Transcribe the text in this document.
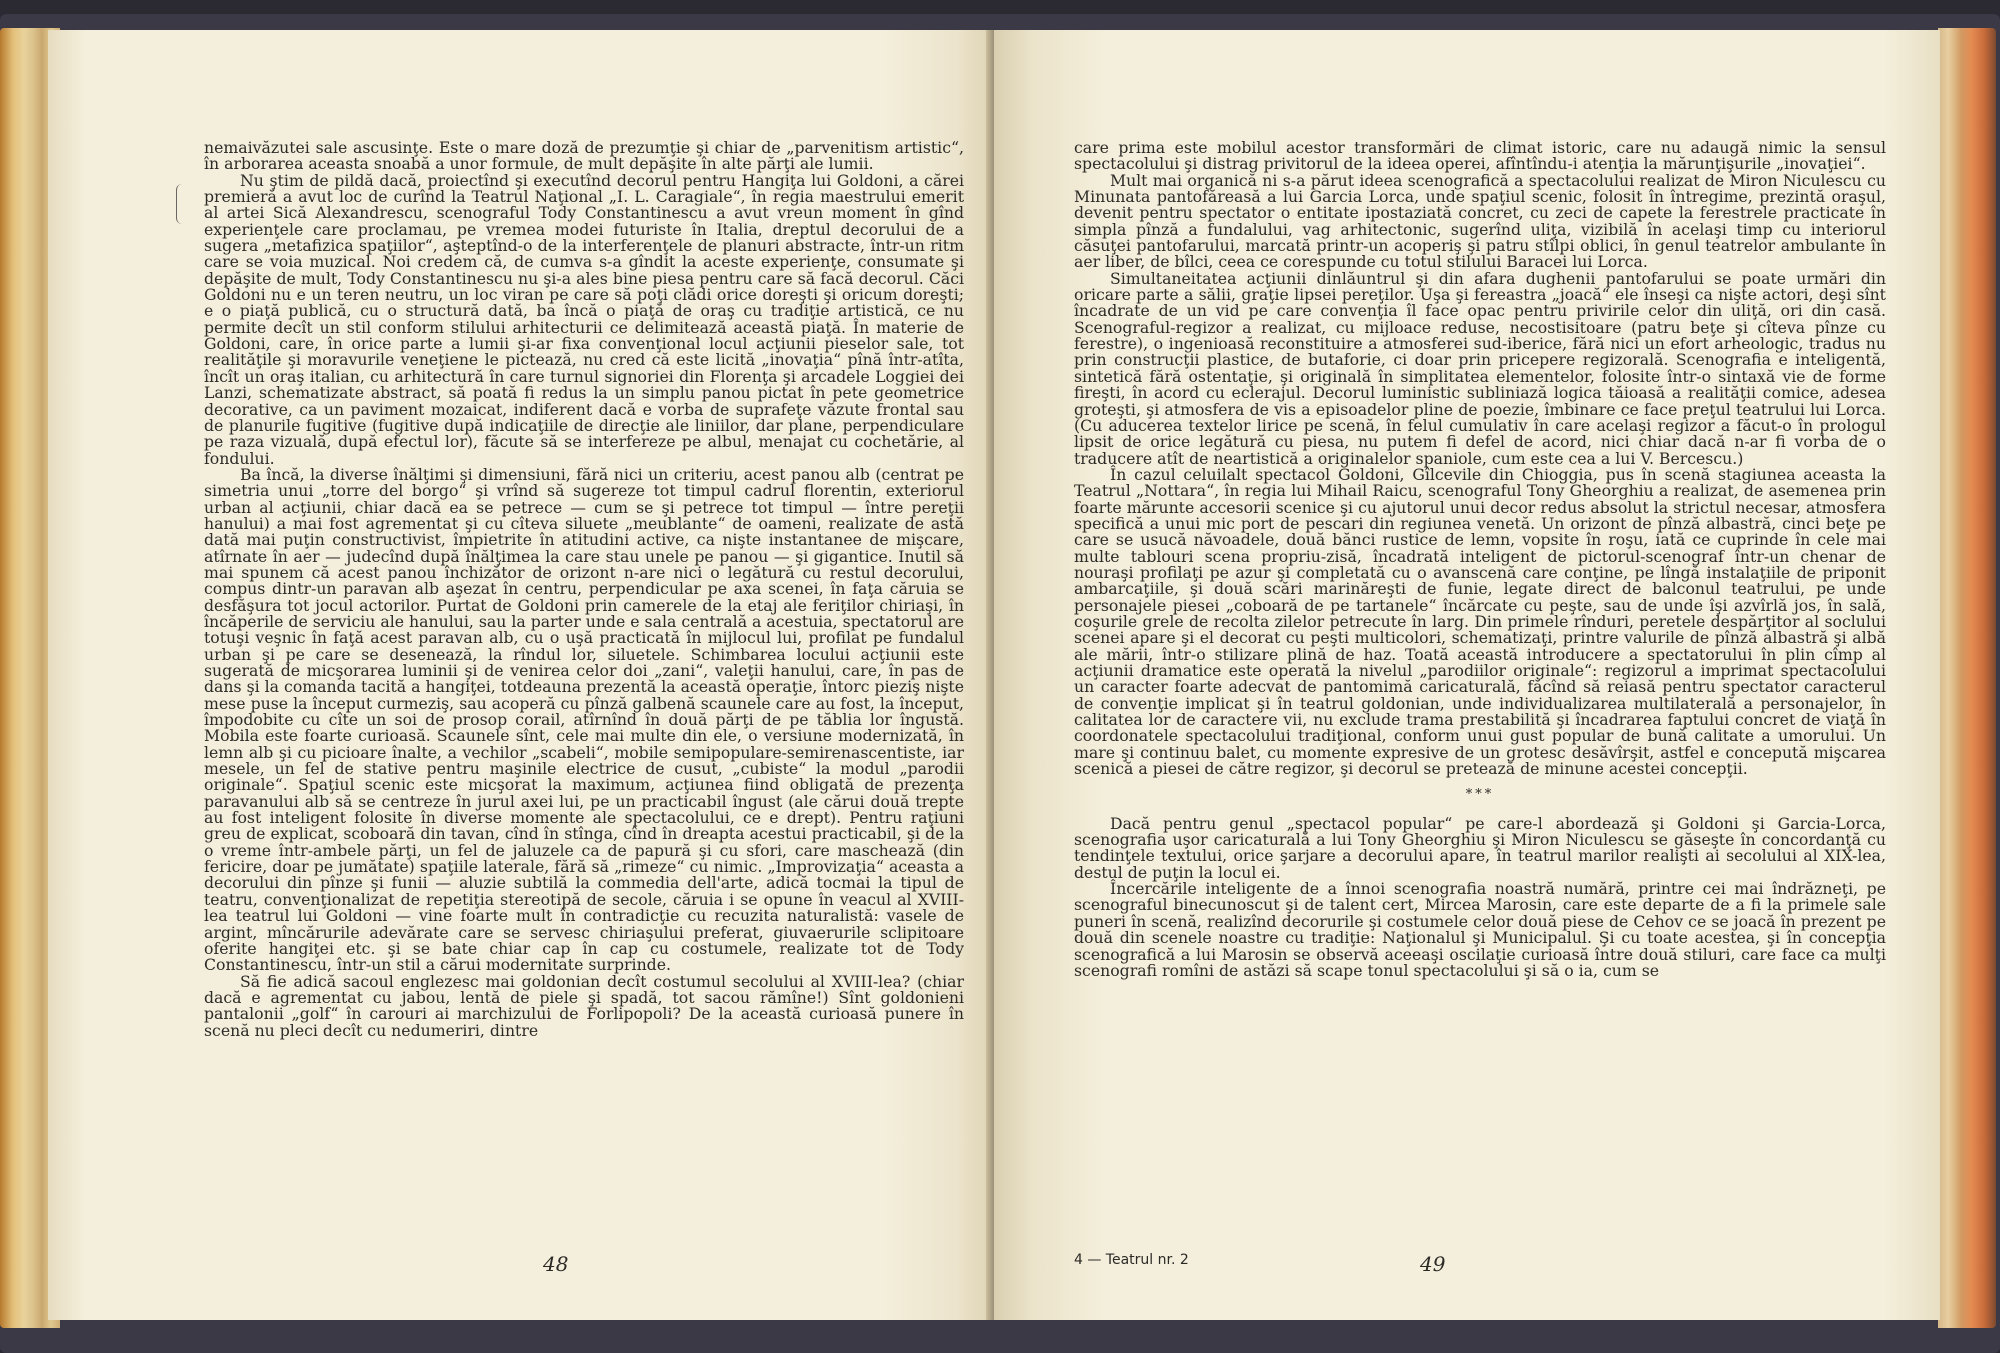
nemaivăzutei sale ascusinţe. Este o mare doză de prezumţie şi chiar de „parvenitism artistic“, în arborarea aceasta snoabă a unor formule, de mult depăşite în alte părţi ale lumii.

Nu ştim de pildă dacă, proiectînd şi executînd decorul pentru Hangiţa lui Goldoni, a cărei premieră a avut loc de curînd la Teatrul Naţional „I. L. Caragiale“, în regia maestrului emerit al artei Sică Alexandrescu, scenograful Tody Constantinescu a avut vreun moment în gînd experienţele care proclamau, pe vremea modei futuriste în Italia, dreptul decorului de a sugera „metafizica spaţiilor“, aşteptînd-o de la interferenţele de planuri abstracte, într-un ritm care se voia muzical. Noi credem că, de cumva s-a gîndit la aceste experienţe, consumate şi depăşite de mult, Tody Constantinescu nu şi-a ales bine piesa pentru care să facă decorul. Căci Goldoni nu e un teren neutru, un loc viran pe care să poţi clădi orice doreşti şi oricum doreşti; e o piaţă publică, cu o structură dată, ba încă o piaţă de oraş cu tradiţie artistică, ce nu permite decît un stil conform stilului arhitecturii ce delimitează această piaţă. În materie de Goldoni, care, în orice parte a lumii şi-ar fixa convenţional locul acţiunii pieselor sale, tot realităţile şi moravurile veneţiene le pictează, nu cred că este licită „inovaţia“ pînă într-atîta, încît un oraş italian, cu arhitectură în care turnul signoriei din Florenţa şi arcadele Loggiei dei Lanzi, schematizate abstract, să poată fi redus la un simplu panou pictat în pete geometrice decorative, ca un paviment mozaicat, indiferent dacă e vorba de suprafeţe văzute frontal sau de planurile fugitive (fugitive după indicaţiile de direcţie ale liniilor, dar plane, perpendiculare pe raza vizuală, după efectul lor), făcute să se interfereze pe albul, menajat cu cochetărie, al fondului.

Ba încă, la diverse înălţimi şi dimensiuni, fără nici un criteriu, acest panou alb (centrat pe simetria unui „torre del borgo“ şi vrînd să sugereze tot timpul cadrul florentin, exteriorul urban al acţiunii, chiar dacă ea se petrece — cum se şi petrece tot timpul — între pereţii hanului) a mai fost agrementat şi cu cîteva siluete „meublante“ de oameni, realizate de astă dată mai puţin constructivist, împietrite în atitudini active, ca nişte instantanee de mişcare, atîrnate în aer — judecînd după înălţimea la care stau unele pe panou — şi gigantice. Inutil să mai spunem că acest panou închizător de orizont n-are nici o legătură cu restul decorului, compus dintr-un paravan alb aşezat în centru, perpendicular pe axa scenei, în faţa căruia se desfăşura tot jocul actorilor. Purtat de Goldoni prin camerele de la etaj ale feriţilor chiriaşi, în încăperile de serviciu ale hanului, sau la parter unde e sala centrală a acestuia, spectatorul are totuşi veşnic în faţă acest paravan alb, cu o uşă practicată în mijlocul lui, profilat pe fundalul urban şi pe care se desenează, la rîndul lor, siluetele. Schimbarea locului acţiunii este sugerată de micşorarea luminii şi de venirea celor doi „zani“, valeţii hanului, care, în pas de dans şi la comanda tacită a hangiţei, totdeauna prezentă la această operaţie, întorc pieziş nişte mese puse la început curmeziş, sau acoperă cu pînză galbenă scaunele care au fost, la început, împodobite cu cîte un soi de prosop corail, atîrnînd în două părţi de pe tăblia lor îngustă. Mobila este foarte curioasă. Scaunele sînt, cele mai multe din ele, o versiune modernizată, în lemn alb şi cu picioare înalte, a vechilor „scabeli“, mobile semipopulare-semirenascentiste, iar mesele, un fel de stative pentru maşinile electrice de cusut, „cubiste“ la modul „parodii originale“. Spaţiul scenic este micşorat la maximum, acţiunea fiind obligată de prezenţa paravanului alb să se centreze în jurul axei lui, pe un practicabil îngust (ale cărui două trepte au fost inteligent folosite în diverse momente ale spectacolului, ce e drept). Pentru raţiuni greu de explicat, scoboară din tavan, cînd în stînga, cînd în dreapta acestui practicabil, şi de la o vreme într-ambele părţi, un fel de jaluzele ca de papură şi cu sfori, care maschează (din fericire, doar pe jumătate) spaţiile laterale, fără să „rimeze“ cu nimic. „Improvizaţia“ aceasta a decorului din pînze şi funii — aluzie subtilă la commedia dell'arte, adică tocmai la tipul de teatru, convenţionalizat de repetiţia stereotipă de secole, căruia i se opune în veacul al XVIII-lea teatrul lui Goldoni — vine foarte mult în contradicţie cu recuzita naturalistă: vasele de argint, mîncărurile adevărate care se servesc chiriaşului preferat, giuvaerurile sclipitoare oferite hangiţei etc. şi se bate chiar cap în cap cu costumele, realizate tot de Tody Constantinescu, într-un stil a cărui modernitate surprinde.

Să fie adică sacoul englezesc mai goldonian decît costumul secolului al XVIII-lea? (chiar dacă e agrementat cu jabou, lentă de piele şi spadă, tot sacou rămîne!) Sînt goldonieni pantalonii „golf“ în carouri ai marchizului de Forlipopoli? De la această curioasă punere în scenă nu pleci decît cu nedumeriri, dintre

48

care prima este mobilul acestor transformări de climat istoric, care nu adaugă nimic la sensul spectacolului şi distrag privitorul de la ideea operei, afîntîndu-i atenţia la mărunţişurile „inovaţiei“.

Mult mai organică ni s-a părut ideea scenografică a spectacolului realizat de Miron Niculescu cu Minunata pantofăreasă a lui Garcia Lorca, unde spaţiul scenic, folosit în întregime, prezintă oraşul, devenit pentru spectator o entitate ipostaziată concret, cu zeci de capete la ferestrele practicate în simpla pînză a fundalului, vag arhitectonic, sugerînd uliţa, vizibilă în acelaşi timp cu interiorul căsuţei pantofarului, marcată printr-un acoperiş şi patru stîlpi oblici, în genul teatrelor ambulante în aer liber, de bîlci, ceea ce corespunde cu totul stilului Baracei lui Lorca.

Simultaneitatea acţiunii dinlăuntrul şi din afara dughenii pantofarului se poate urmări din oricare parte a sălii, graţie lipsei pereţilor. Uşa şi fereastra „joacă“ ele înseşi ca nişte actori, deşi sînt încadrate de un vid pe care convenţia îl face opac pentru privirile celor din uliţă, ori din casă. Scenograful-regizor a realizat, cu mijloace reduse, necostisitoare (patru beţe şi cîteva pînze cu ferestre), o ingenioasă reconstituire a atmosferei sud-iberice, fără nici un efort arheologic, tradus nu prin construcţii plastice, de butaforie, ci doar prin pricepere regizorală. Scenografia e inteligentă, sintetică fără ostentaţie, şi originală în simplitatea elementelor, folosite într-o sintaxă vie de forme fireşti, în acord cu eclerajul. Decorul luministic subliniază logica tăioasă a realităţii comice, adesea groteşti, şi atmosfera de vis a episoadelor pline de poezie, îmbinare ce face preţul teatrului lui Lorca. (Cu aducerea textelor lirice pe scenă, în felul cumulativ în care acelaşi regizor a făcut-o în prologul lipsit de orice legătură cu piesa, nu putem fi defel de acord, nici chiar dacă n-ar fi vorba de o traducere atît de neartistică a originalelor spaniole, cum este cea a lui V. Bercescu.)

În cazul celuilalt spectacol Goldoni, Gîlcevile din Chioggia, pus în scenă stagiunea aceasta la Teatrul „Nottara“, în regia lui Mihail Raicu, scenograful Tony Gheorghiu a realizat, de asemenea prin foarte mărunte accesorii scenice şi cu ajutorul unui decor redus absolut la strictul necesar, atmosfera specifică a unui mic port de pescari din regiunea venetă. Un orizont de pînză albastră, cinci beţe pe care se usucă năvoadele, două bănci rustice de lemn, vopsite în roşu, iată ce cuprinde în cele mai multe tablouri scena propriu-zisă, încadrată inteligent de pictorul-scenograf într-un chenar de nouraşi profilaţi pe azur şi completată cu o avanscenă care conţine, pe lîngă instalaţiile de priponit ambarcaţiile, şi două scări marinăreşti de funie, legate direct de balconul teatrului, pe unde personajele piesei „coboară de pe tartanele“ încărcate cu peşte, sau de unde îşi azvîrlă jos, în sală, coşurile grele de recolta zilelor petrecute în larg. Din primele rînduri, peretele despărţitor al soclului scenei apare şi el decorat cu peşti multicolori, schematizaţi, printre valurile de pînză albastră şi albă ale mării, într-o stilizare plină de haz. Toată această introducere a spectatorului în plin cîmp al acţiunii dramatice este operată la nivelul „parodiilor originale“: regizorul a imprimat spectacolului un caracter foarte adecvat de pantomimă caricaturală, făcînd să reiasă pentru spectator caracterul de convenţie implicat şi în teatrul goldonian, unde individualizarea multilaterală a personajelor, în calitatea lor de caractere vii, nu exclude trama prestabilită şi încadrarea faptului concret de viaţă în coordonatele spectacolului tradiţional, conform unui gust popular de bună calitate a umorului. Un mare şi continuu balet, cu momente expresive de un grotesc desăvîrşit, astfel e concepută mişcarea scenică a piesei de către regizor, şi decorul se pretează de minune acestei concepţii.

***

Dacă pentru genul „spectacol popular“ pe care-l abordează şi Goldoni şi Garcia-Lorca, scenografia uşor caricaturală a lui Tony Gheorghiu şi Miron Niculescu se găseşte în concordanţă cu tendinţele textului, orice şarjare a decorului apare, în teatrul marilor realişti ai secolului al XIX-lea, destul de puţin la locul ei.

Încercările inteligente de a înnoi scenografia noastră numără, printre cei mai îndrăzneţi, pe scenograful binecunoscut şi de talent cert, Mircea Marosin, care este departe de a fi la primele sale puneri în scenă, realizînd decorurile şi costumele celor două piese de Cehov ce se joacă în prezent pe două din scenele noastre cu tradiţie: Naţionalul şi Municipalul. Şi cu toate acestea, şi în concepţia scenografică a lui Marosin se observă aceeaşi oscilaţie curioasă între două stiluri, care face ca mulţi scenografi romîni de astăzi să scape tonul spectacolului şi să o ia, cum se

4 — Teatrul nr. 2	49
